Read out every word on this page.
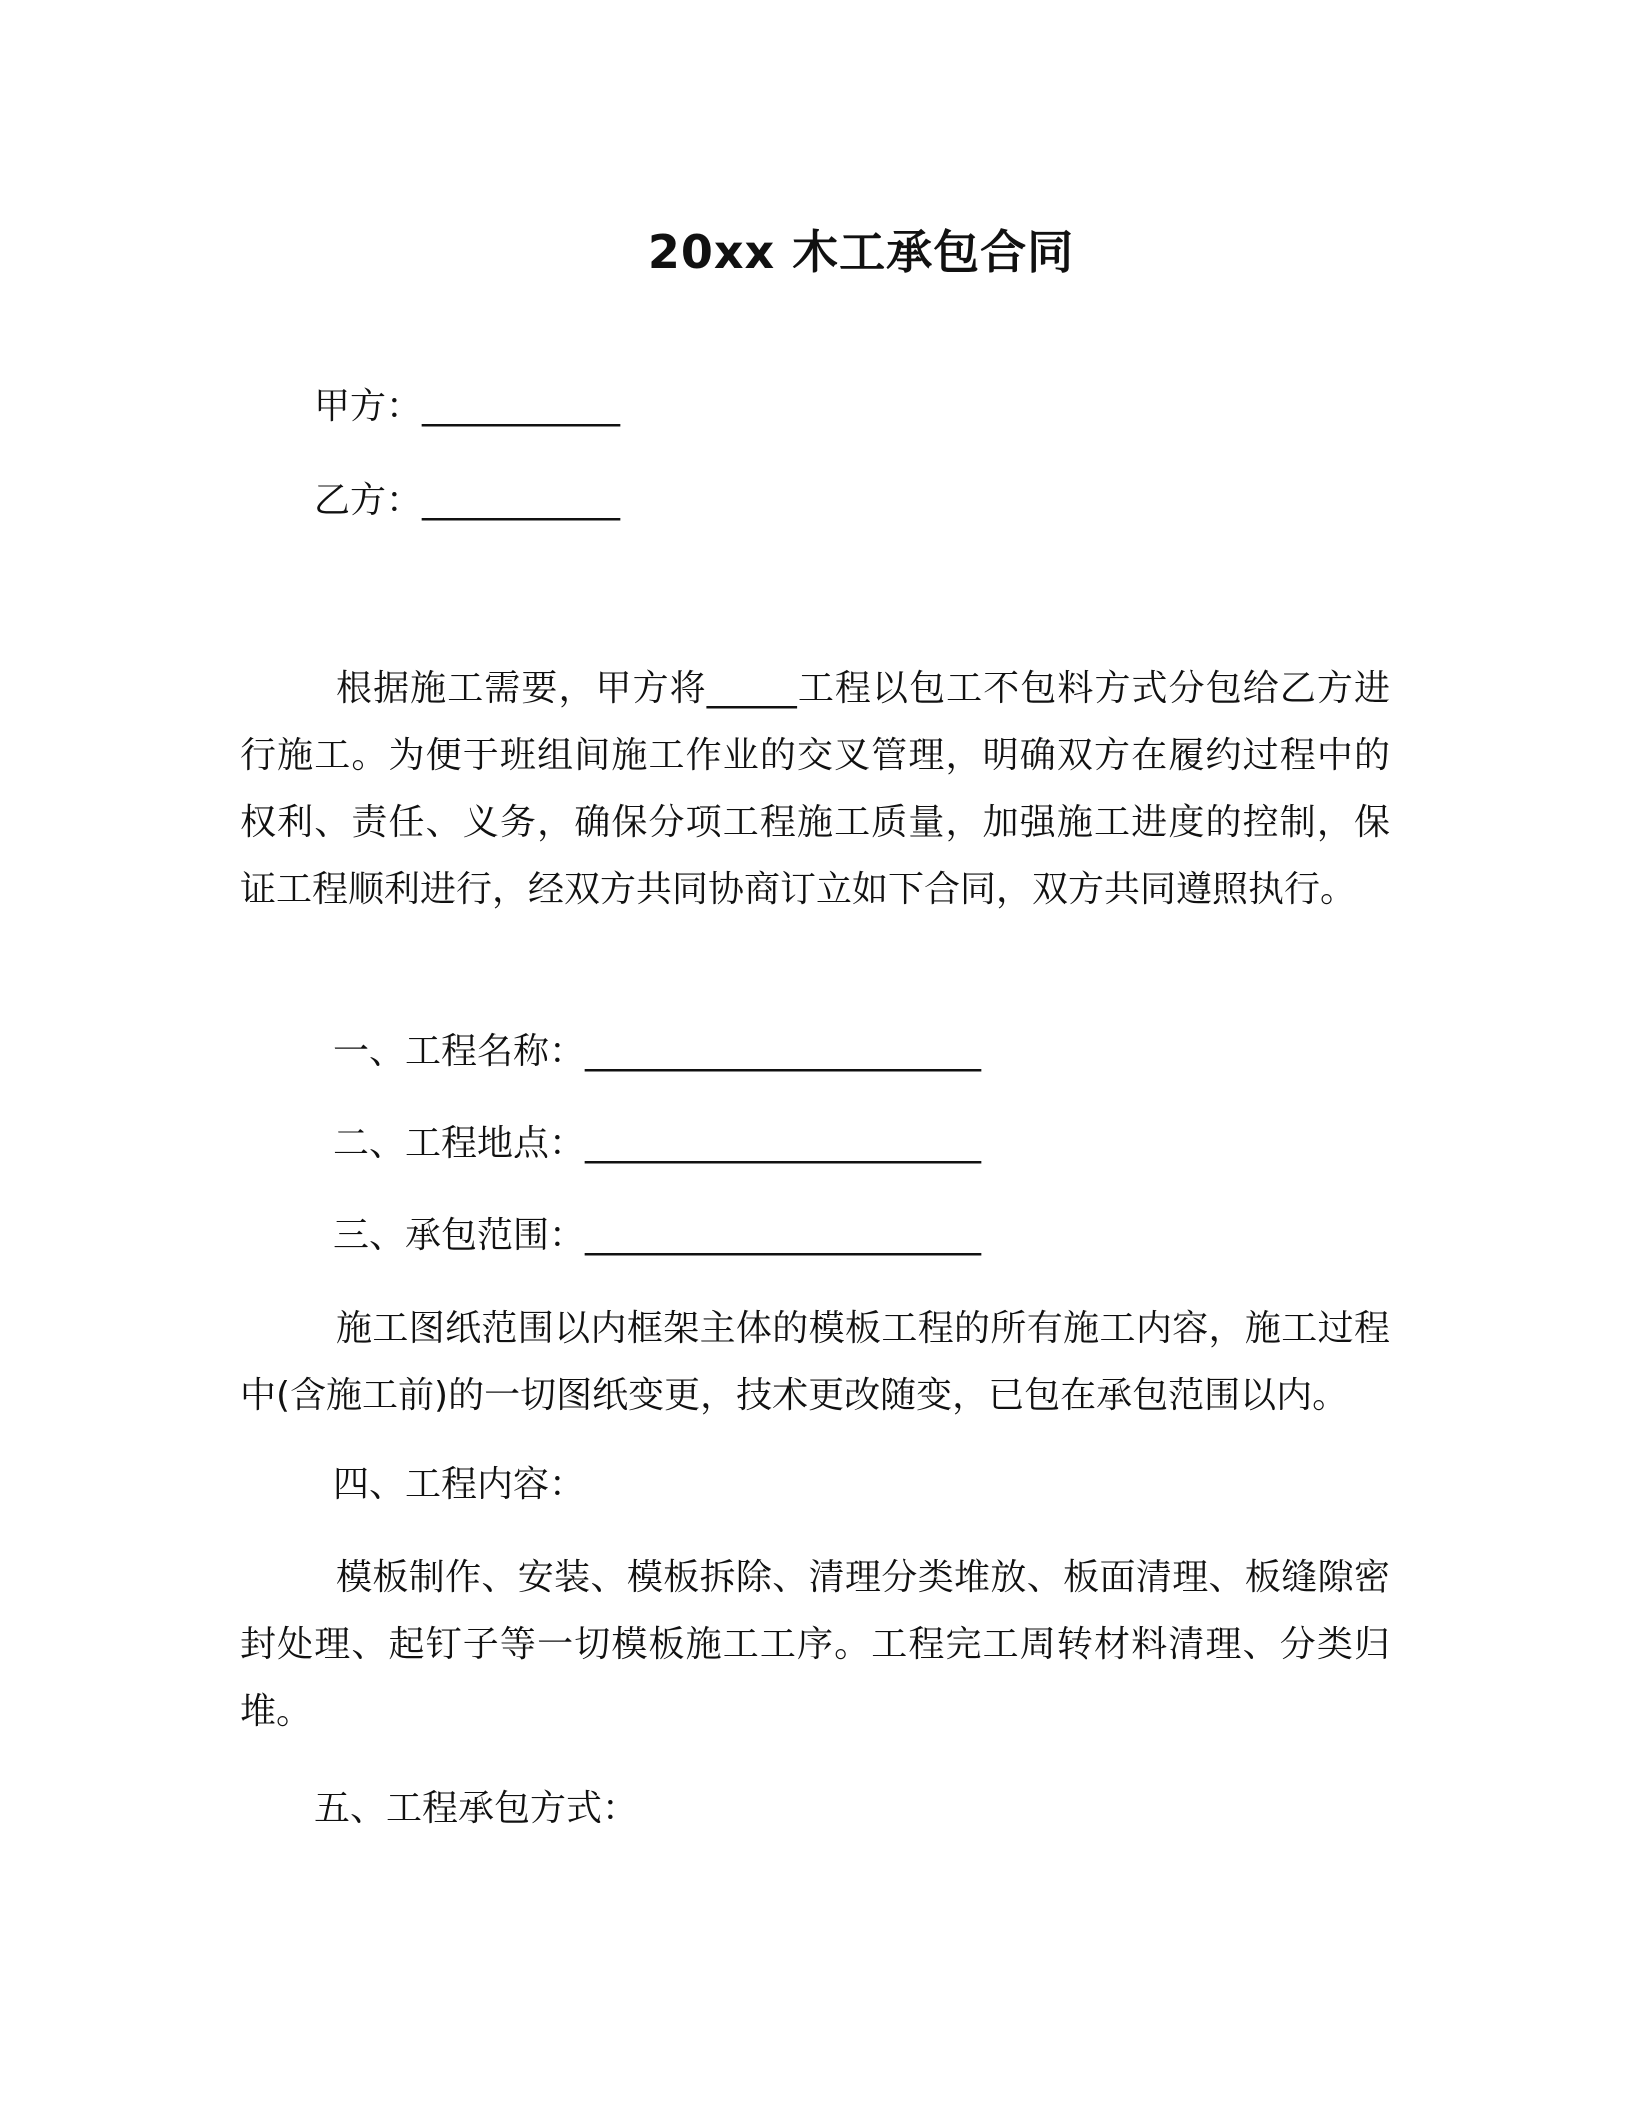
20xx 木工承包合同
甲方：___________
乙方：___________
根据施工需要，甲方将_____工程以包工不包料方式分包给乙方进行施工。为便于班组间施工作业的交叉管理，明确双方在履约过程中的权利、责任、义务，确保分项工程施工质量，加强施工进度的控制，保证工程顺利进行，经双方共同协商订立如下合同，双方共同遵照执行。
一、工程名称：______________________
二、工程地点：______________________
三、承包范围：______________________
施工图纸范围以内框架主体的模板工程的所有施工内容，施工过程中(含施工前)的一切图纸变更，技术更改随变，已包在承包范围以内。
四、工程内容：
模板制作、安装、模板拆除、清理分类堆放、板面清理、板缝隙密封处理、起钉子等一切模板施工工序。工程完工周转材料清理、分类归堆。
五、工程承包方式：
